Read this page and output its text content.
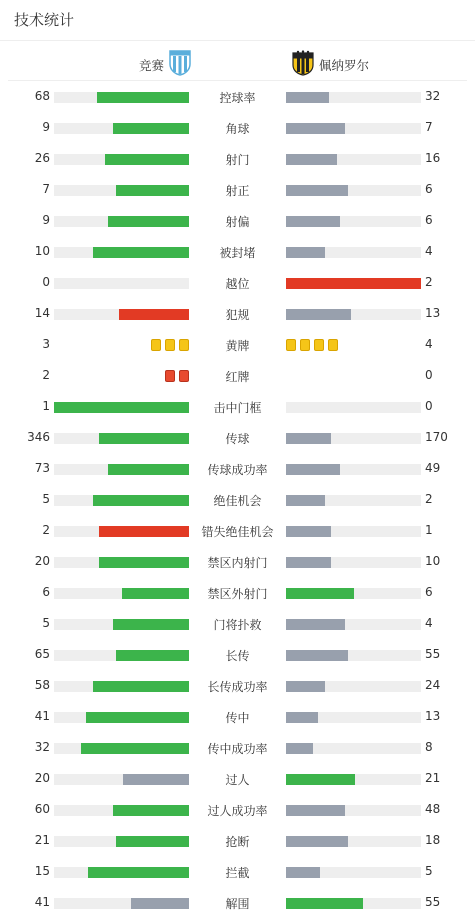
技术统计
竞赛	佩纳罗尔
68	控球率	32
9	角球	7
26	射门	16
7	射正	6
9	射偏	6
10	被封堵	4
0	越位	2
14	犯规	13
3	黄牌	4
2	红牌	0
1	击中门框	0
346	传球	170
73	传球成功率	49
5	绝佳机会	2
2	错失绝佳机会	1
20	禁区内射门	10
6	禁区外射门	6
5	门将扑救	4
65	长传	55
58	长传成功率	24
41	传中	13
32	传中成功率	8
20	过人	21
60	过人成功率	48
21	抢断	18
15	拦截	5
41	解围	55
